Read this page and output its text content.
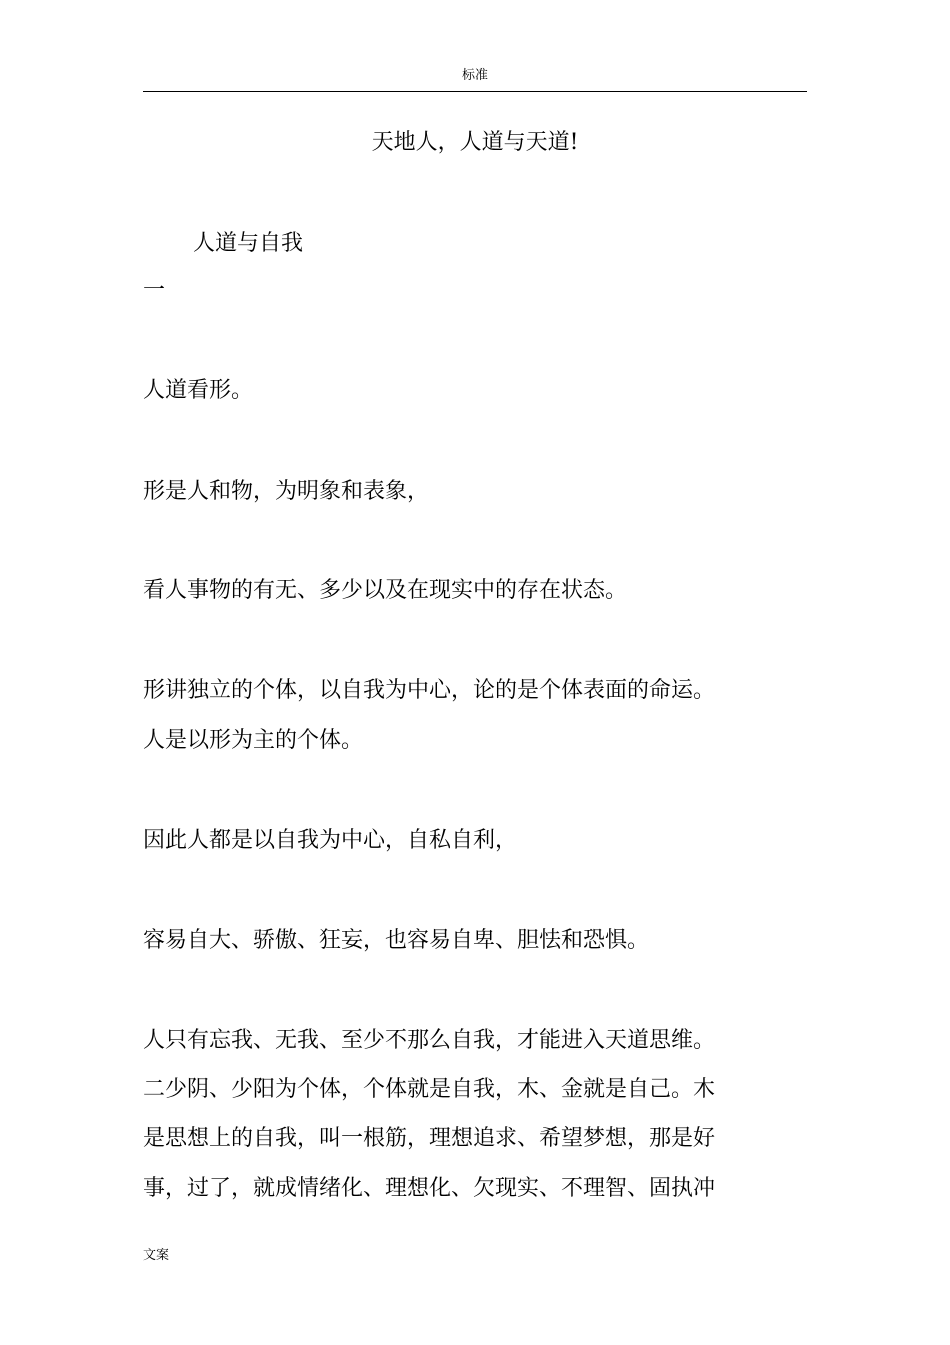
标准
天地人，人道与天道!

人道与自我

一

人道看形。

形是人和物，为明象和表象，

看人事物的有无、多少以及在现实中的存在状态。

形讲独立的个体，以自我为中心，论的是个体表面的命运。

人是以形为主的个体。

因此人都是以自我为中心，自私自利，

容易自大、骄傲、狂妄，也容易自卑、胆怯和恐惧。

人只有忘我、无我、至少不那么自我，才能进入天道思维。

二少阴、少阳为个体，个体就是自我，木、金就是自己。木

是思想上的自我，叫一根筋，理想追求、希望梦想，那是好

事，过了，就成情绪化、理想化、欠现实、不理智、固执冲

文案
